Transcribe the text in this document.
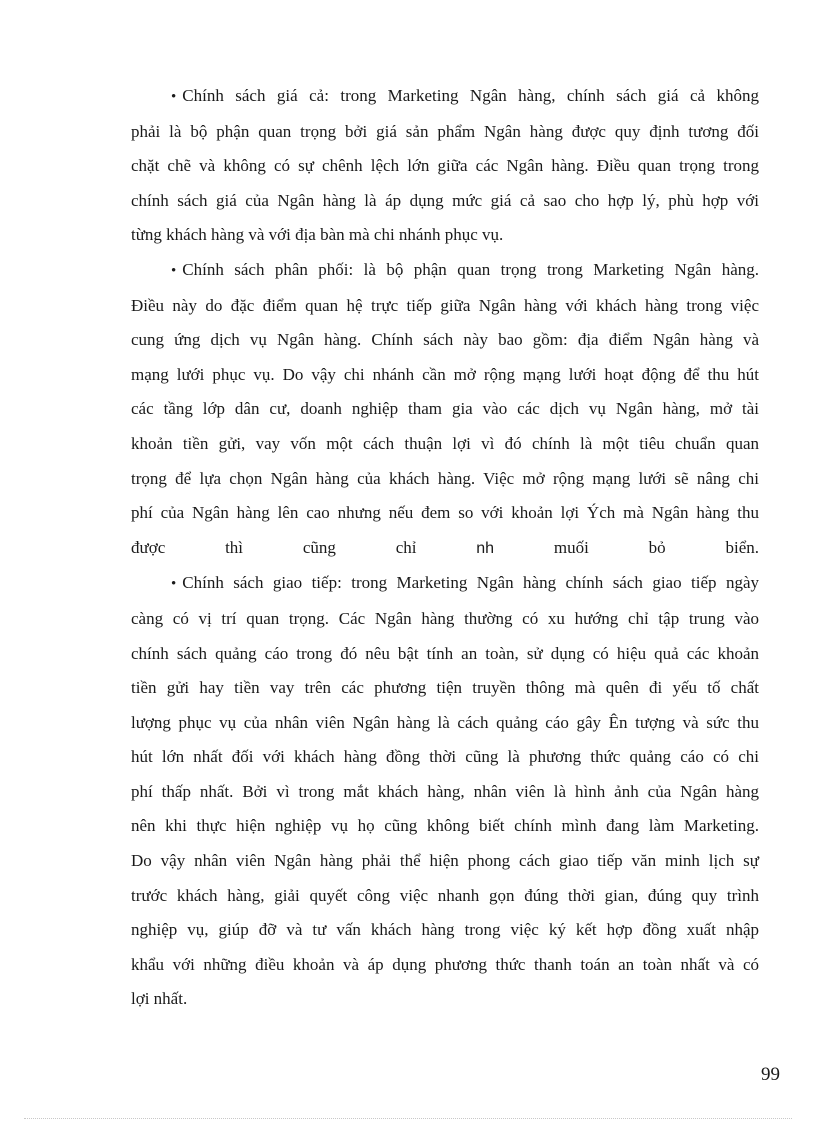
• Chính sách giá cả: trong Marketing Ngân hàng, chính sách giá cả không
phải là bộ phận quan trọng bởi giá sản phẩm Ngân hàng được quy định tương đối
chặt chẽ và không có sự chênh lệch lớn giữa các Ngân hàng. Điều quan trọng trong
chính sách giá của Ngân hàng là áp dụng mức giá cả sao cho hợp lý, phù hợp với
từng khách hàng và với địa bàn mà chi nhánh phục vụ.
• Chính sách phân phối: là bộ phận quan trọng trong Marketing Ngân hàng.
Điều này do đặc điểm quan hệ trực tiếp giữa Ngân hàng với khách hàng trong việc
cung ứng dịch vụ Ngân hàng. Chính sách này bao gồm: địa điểm Ngân hàng và
mạng lưới phục vụ. Do vậy chi nhánh cần mở rộng mạng lưới hoạt động để thu hút
các tầng lớp dân cư, doanh nghiệp tham gia vào các dịch vụ Ngân hàng, mở tài
khoản tiền gửi, vay vốn một cách thuận lợi vì đó chính là một tiêu chuẩn quan
trọng để lựa chọn Ngân hàng của khách hàng. Việc mở rộng mạng lưới sẽ nâng chi
phí của Ngân hàng lên cao nhưng nếu đem so với khoản lợi Ých mà Ngân hàng thu
được	thì	cũng	chỉ	nh	muối	bỏ	biển.
• Chính sách giao tiếp: trong Marketing Ngân hàng chính sách giao tiếp ngày
càng có vị trí quan trọng. Các Ngân hàng thường có xu hướng chỉ tập trung vào
chính sách quảng cáo trong đó nêu bật tính an toàn, sử dụng có hiệu quả các khoản
tiền gửi hay tiền vay trên các phương tiện truyền thông mà quên đi yếu tố chất
lượng phục vụ của nhân viên Ngân hàng là cách quảng cáo gây Ên tượng và sức thu
hút lớn nhất đối với khách hàng đồng thời cũng là phương thức quảng cáo có chi
phí thấp nhất. Bởi vì trong mắt khách hàng, nhân viên là hình ảnh của Ngân hàng
nên khi thực hiện nghiệp vụ họ cũng không biết chính mình đang làm Marketing.
Do vậy nhân viên Ngân hàng phải thể hiện phong cách giao tiếp văn minh lịch sự
trước khách hàng, giải quyết công việc nhanh gọn đúng thời gian, đúng quy trình
nghiệp vụ, giúp đỡ và tư vấn khách hàng trong việc ký kết hợp đồng xuất nhập
khẩu với những điều khoản và áp dụng phương thức thanh toán an toàn nhất và có
lợi nhất.
99
